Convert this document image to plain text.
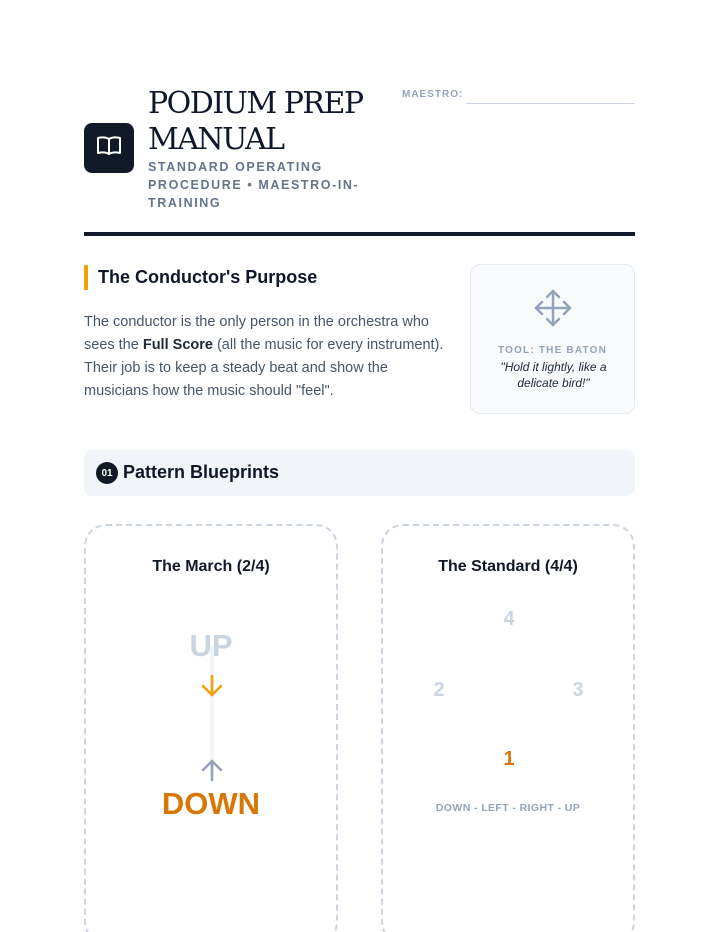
PODIUM PREP MANUAL
STANDARD OPERATING PROCEDURE • MAESTRO-IN-TRAINING
MAESTRO:
The Conductor's Purpose

The conductor is the only person in the orchestra who sees the Full Score (all the music for every instrument). Their job is to keep a steady beat and show the musicians how the music should "feel".

TOOL: THE BATON
"Hold it lightly, like a delicate bird!"
01 Pattern Blueprints
The March (2/4)
UP
DOWN
The Standard (4/4)
4
2	3
1
DOWN - LEFT - RIGHT - UP
